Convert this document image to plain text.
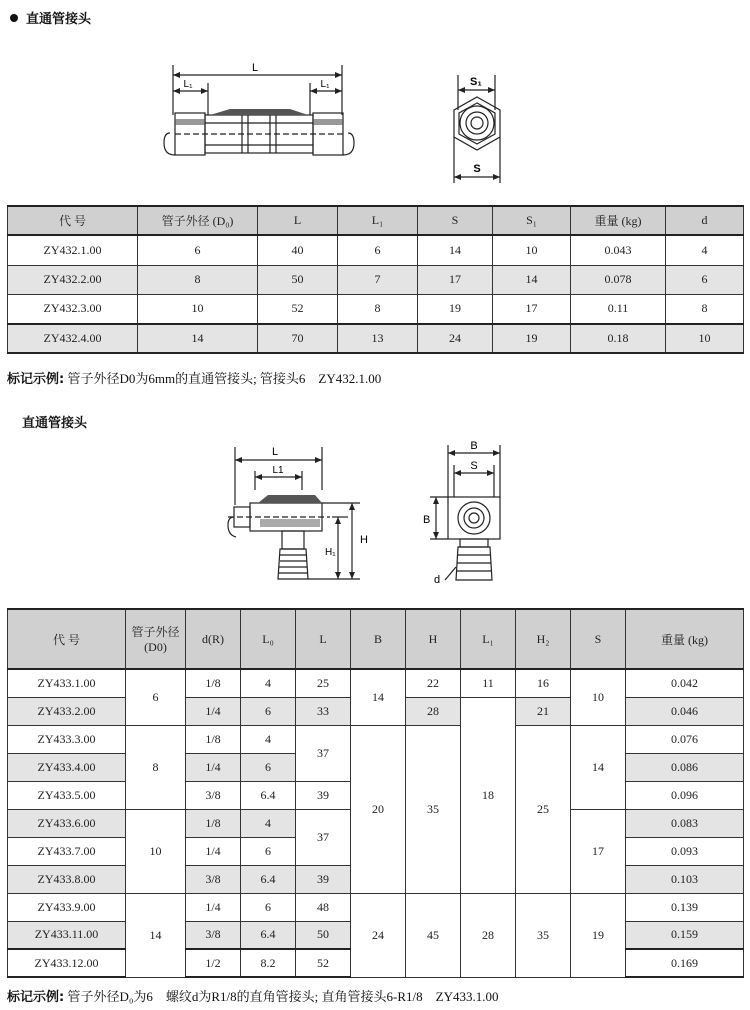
直通管接头
L
L₁	L₁	S₁
S
代 号	管子外径 (D₀)	L	L₁	S	S₁	重量 (kg)	d
ZY432.1.00	6	40	6	14	10	0.043	4
ZY432.2.00	8	50	7	17	14	0.078	6
ZY432.3.00	10	52	8	19	17	0.11	8
ZY432.4.00	14	70	13	24	19	0.18	10
标记示例: 管子外径D0为6mm的直通管接头; 管接头6　ZY432.1.00
直通管接头
L
L1
H
H₁
B
S
B
d
代 号	管子外径(D0)	d(R)	L₀	L	B	H	L₁	H₂	S	重量 (kg)
ZY433.1.00	6	1/8	4	25	14	22	11	16	10	0.042
ZY433.2.00		1/4	6	33		28	18	21		0.046
ZY433.3.00	8	1/8	4	37	20	35		25	14	0.076
ZY433.4.00		1/4	6							0.086
ZY433.5.00		3/8	6.4	39						0.096
ZY433.6.00	10	1/8	4	37					17	0.083
ZY433.7.00		1/4	6							0.093
ZY433.8.00		3/8	6.4	39						0.103
ZY433.9.00	14	1/4	6	48	24	45	28	35	19	0.139
ZY433.11.00		3/8	6.4	50						0.159
ZY433.12.00		1/2	8.2	52						0.169
标记示例: 管子外径D₀为6　螺纹d为R1/8的直角管接头; 直角管接头6-R1/8　ZY433.1.00
